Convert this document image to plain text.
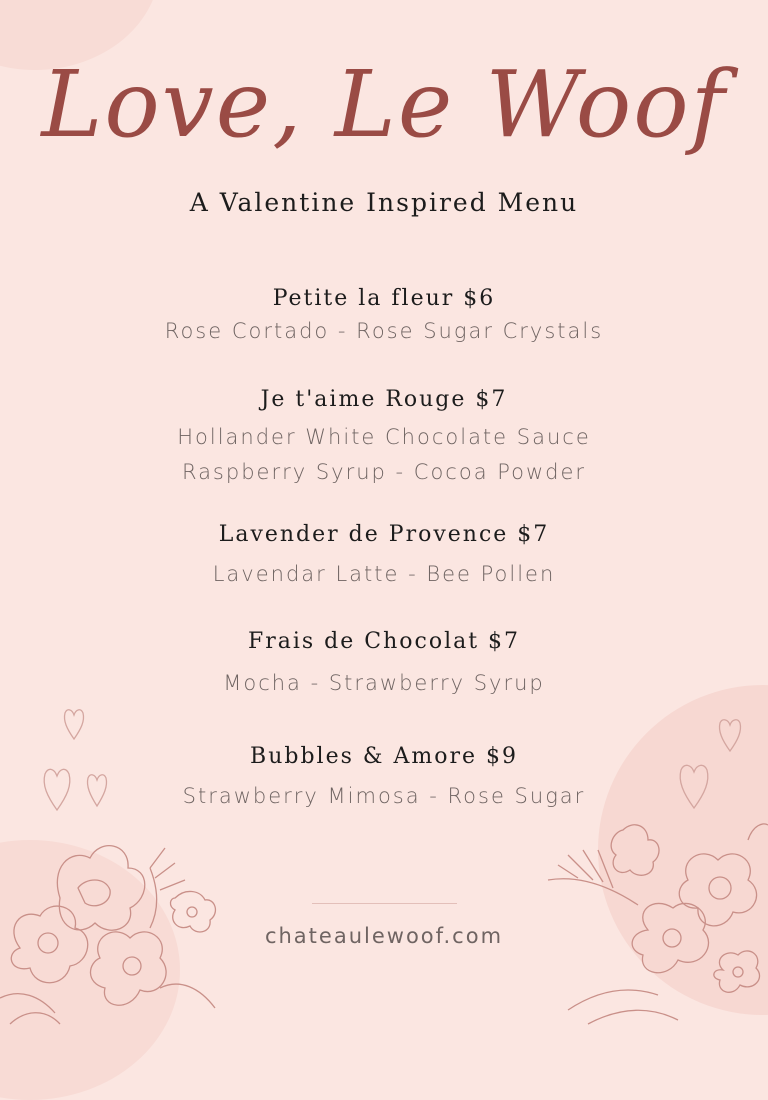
Love, Le Woof
A Valentine Inspired Menu
Petite la fleur $6
Rose Cortado - Rose Sugar Crystals
Je t'aime Rouge $7
Hollander White Chocolate Sauce
Raspberry Syrup - Cocoa Powder
Lavender de Provence $7
Lavendar Latte - Bee Pollen
Frais de Chocolat $7
Mocha - Strawberry Syrup
Bubbles & Amore $9
Strawberry Mimosa - Rose Sugar
chateaulewoof.com
